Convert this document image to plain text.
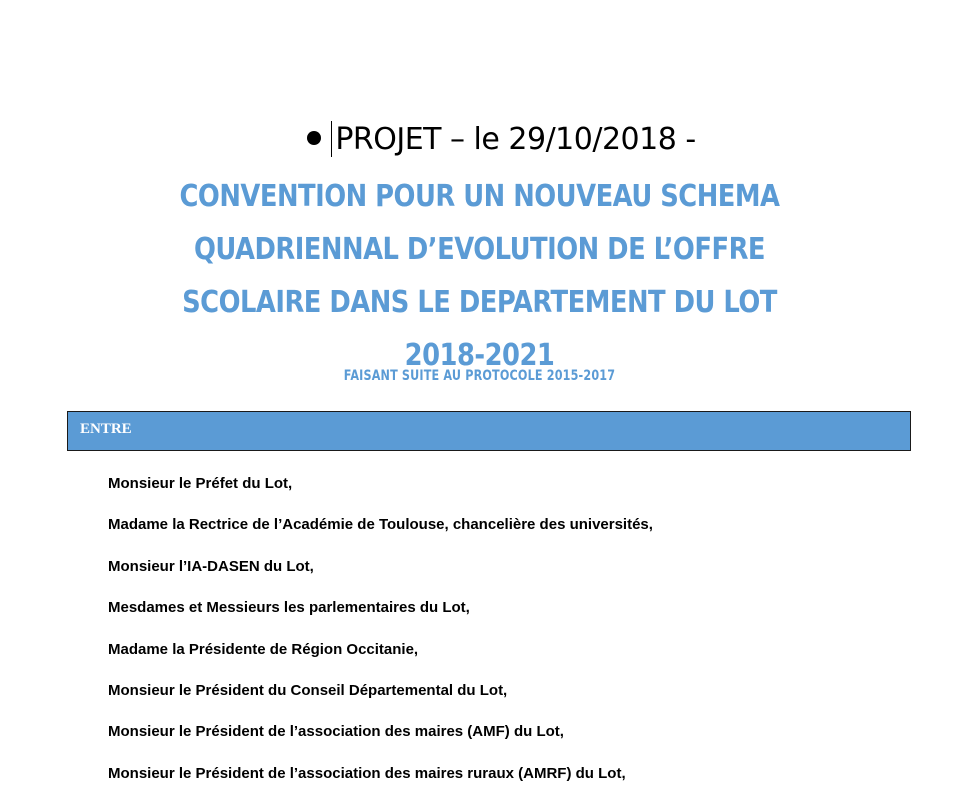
PROJET – le 29/10/2018 -
CONVENTION POUR UN NOUVEAU SCHEMA
QUADRIENNAL D’EVOLUTION DE L’OFFRE
SCOLAIRE DANS LE DEPARTEMENT DU LOT
2018-2021
FAISANT SUITE AU PROTOCOLE 2015-2017
ENTRE
Monsieur le Préfet du Lot,
Madame la Rectrice de l’Académie de Toulouse, chancelière des universités,
Monsieur l’IA-DASEN du Lot,
Mesdames et Messieurs les parlementaires du Lot,
Madame la Présidente de Région Occitanie,
Monsieur le Président du Conseil Départemental du Lot,
Monsieur le Président de l’association des maires (AMF) du Lot,
Monsieur le Président de l’association des maires ruraux (AMRF) du Lot,
